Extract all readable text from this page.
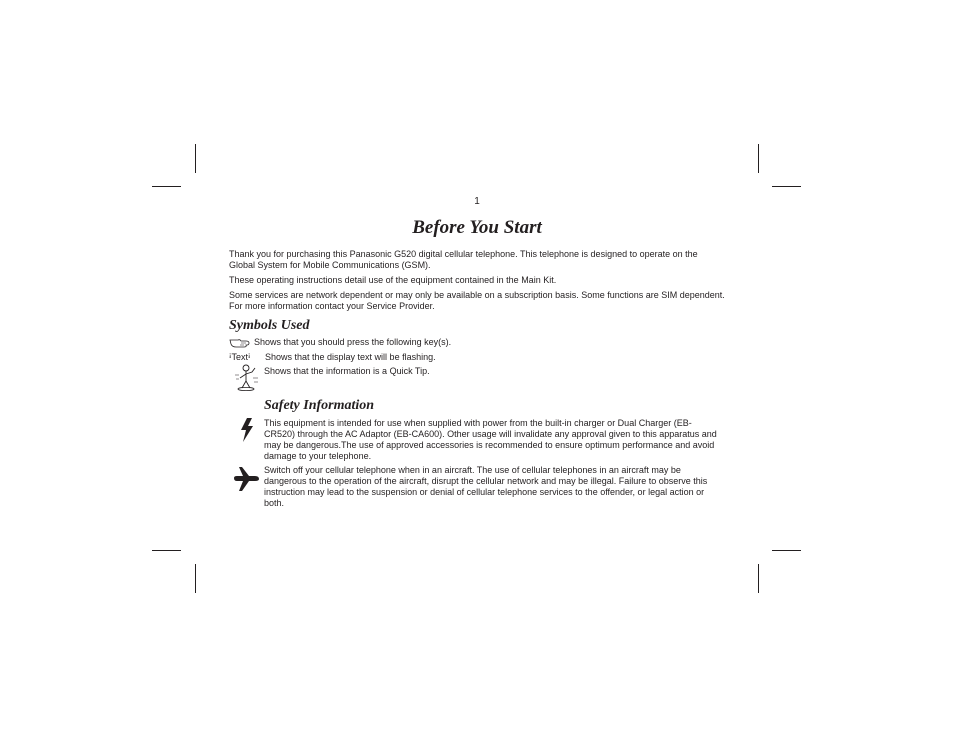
1
Before You Start
Thank you for purchasing this Panasonic G520 digital cellular telephone. This telephone is designed to operate on the Global System for Mobile Communications (GSM).
These operating instructions detail use of the equipment contained in the Main Kit.
Some services are network dependent or may only be available on a subscription basis. Some functions are SIM dependent. For more information contact your Service Provider.
Symbols Used
Shows that you should press the following key(s).
ꜟTextꜟ Shows that the display text will be flashing.
Shows that the information is a Quick Tip.
Safety Information
This equipment is intended for use when supplied with power from the built-in charger or Dual Charger (EB-CR520) through the AC Adaptor (EB-CA600). Other usage will invalidate any approval given to this apparatus and may be dangerous.The use of approved accessories is recommended to ensure optimum performance and avoid damage to your telephone.
Switch off your cellular telephone when in an aircraft. The use of cellular telephones in an aircraft may be dangerous to the operation of the aircraft, disrupt the cellular network and may be illegal. Failure to observe this instruction may lead to the suspension or denial of cellular telephone services to the offender, or legal action or both.
